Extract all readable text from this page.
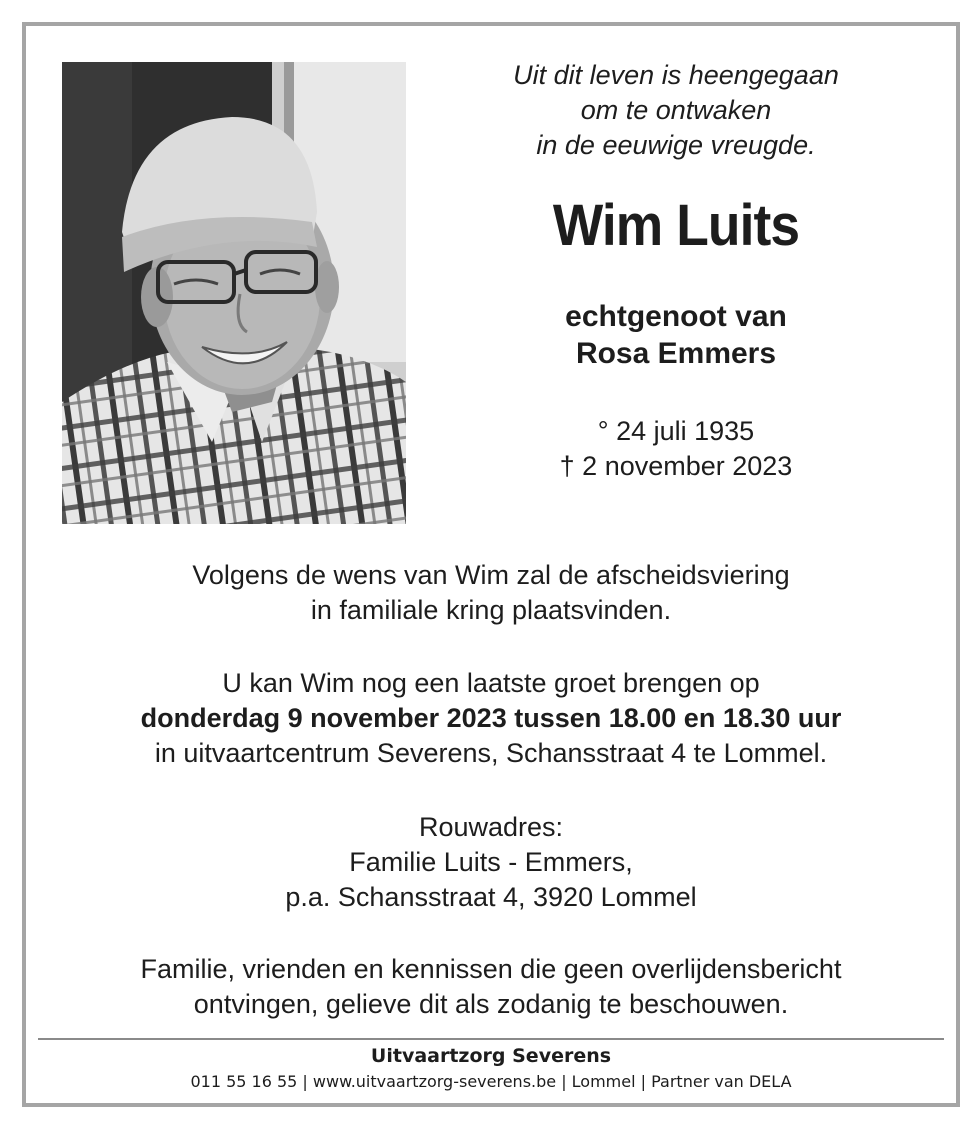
Uit dit leven is heengegaan
om te ontwaken
in de eeuwige vreugde.
Wim Luits
echtgenoot van
Rosa Emmers
° 24 juli 1935
† 2 november 2023
Volgens de wens van Wim zal de afscheidsviering
in familiale kring plaatsvinden.
U kan Wim nog een laatste groet brengen op
donderdag 9 november 2023 tussen 18.00 en 18.30 uur
in uitvaartcentrum Severens, Schansstraat 4 te Lommel.
Rouwadres:
Familie Luits - Emmers,
p.a. Schansstraat 4, 3920 Lommel
Familie, vrienden en kennissen die geen overlijdensbericht
ontvingen, gelieve dit als zodanig te beschouwen.
Uitvaartzorg Severens
011 55 16 55 | www.uitvaartzorg-severens.be | Lommel | Partner van DELA
